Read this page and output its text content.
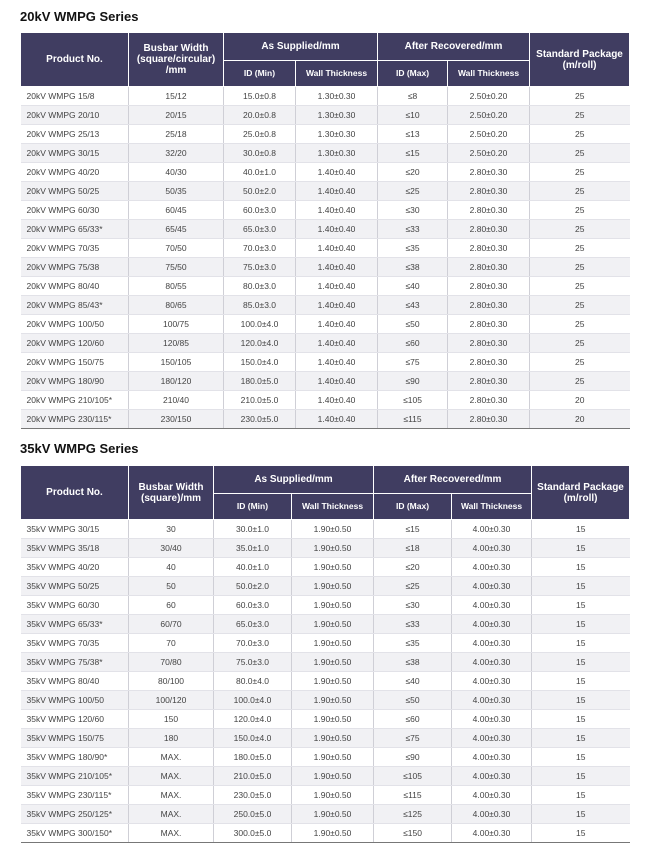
20kV WMPG Series
Product No.	Busbar Width (square/circular) /mm	As Supplied/mm		After Recovered/mm		Standard Package (m/roll)
		ID (Min)	Wall Thickness	ID (Max)	Wall Thickness	
20kV WMPG 15/8	15/12	15.0±0.8	1.30±0.30	≤8	2.50±0.20	25
20kV WMPG 20/10	20/15	20.0±0.8	1.30±0.30	≤10	2.50±0.20	25
20kV WMPG 25/13	25/18	25.0±0.8	1.30±0.30	≤13	2.50±0.20	25
20kV WMPG 30/15	32/20	30.0±0.8	1.30±0.30	≤15	2.50±0.20	25
20kV WMPG 40/20	40/30	40.0±1.0	1.40±0.40	≤20	2.80±0.30	25
20kV WMPG 50/25	50/35	50.0±2.0	1.40±0.40	≤25	2.80±0.30	25
20kV WMPG 60/30	60/45	60.0±3.0	1.40±0.40	≤30	2.80±0.30	25
20kV WMPG 65/33*	65/45	65.0±3.0	1.40±0.40	≤33	2.80±0.30	25
20kV WMPG 70/35	70/50	70.0±3.0	1.40±0.40	≤35	2.80±0.30	25
20kV WMPG 75/38	75/50	75.0±3.0	1.40±0.40	≤38	2.80±0.30	25
20kV WMPG 80/40	80/55	80.0±3.0	1.40±0.40	≤40	2.80±0.30	25
20kV WMPG 85/43*	80/65	85.0±3.0	1.40±0.40	≤43	2.80±0.30	25
20kV WMPG 100/50	100/75	100.0±4.0	1.40±0.40	≤50	2.80±0.30	25
20kV WMPG 120/60	120/85	120.0±4.0	1.40±0.40	≤60	2.80±0.30	25
20kV WMPG 150/75	150/105	150.0±4.0	1.40±0.40	≤75	2.80±0.30	25
20kV WMPG 180/90	180/120	180.0±5.0	1.40±0.40	≤90	2.80±0.30	25
20kV WMPG 210/105*	210/40	210.0±5.0	1.40±0.40	≤105	2.80±0.30	20
20kV WMPG 230/115*	230/150	230.0±5.0	1.40±0.40	≤115	2.80±0.30	20
35kV WMPG Series
Product No.	Busbar Width (square)/mm	As Supplied/mm		After Recovered/mm		Standard Package (m/roll)
		ID (Min)	Wall Thickness	ID (Max)	Wall Thickness	
35kV WMPG 30/15	30	30.0±1.0	1.90±0.50	≤15	4.00±0.30	15
35kV WMPG 35/18	30/40	35.0±1.0	1.90±0.50	≤18	4.00±0.30	15
35kV WMPG 40/20	40	40.0±1.0	1.90±0.50	≤20	4.00±0.30	15
35kV WMPG 50/25	50	50.0±2.0	1.90±0.50	≤25	4.00±0.30	15
35kV WMPG 60/30	60	60.0±3.0	1.90±0.50	≤30	4.00±0.30	15
35kV WMPG 65/33*	60/70	65.0±3.0	1.90±0.50	≤33	4.00±0.30	15
35kV WMPG 70/35	70	70.0±3.0	1.90±0.50	≤35	4.00±0.30	15
35kV WMPG 75/38*	70/80	75.0±3.0	1.90±0.50	≤38	4.00±0.30	15
35kV WMPG 80/40	80/100	80.0±4.0	1.90±0.50	≤40	4.00±0.30	15
35kV WMPG 100/50	100/120	100.0±4.0	1.90±0.50	≤50	4.00±0.30	15
35kV WMPG 120/60	150	120.0±4.0	1.90±0.50	≤60	4.00±0.30	15
35kV WMPG 150/75	180	150.0±4.0	1.90±0.50	≤75	4.00±0.30	15
35kV WMPG 180/90*	MAX.	180.0±5.0	1.90±0.50	≤90	4.00±0.30	15
35kV WMPG 210/105*	MAX.	210.0±5.0	1.90±0.50	≤105	4.00±0.30	15
35kV WMPG 230/115*	MAX.	230.0±5.0	1.90±0.50	≤115	4.00±0.30	15
35kV WMPG 250/125*	MAX.	250.0±5.0	1.90±0.50	≤125	4.00±0.30	15
35kV WMPG 300/150*	MAX.	300.0±5.0	1.90±0.50	≤150	4.00±0.30	15
